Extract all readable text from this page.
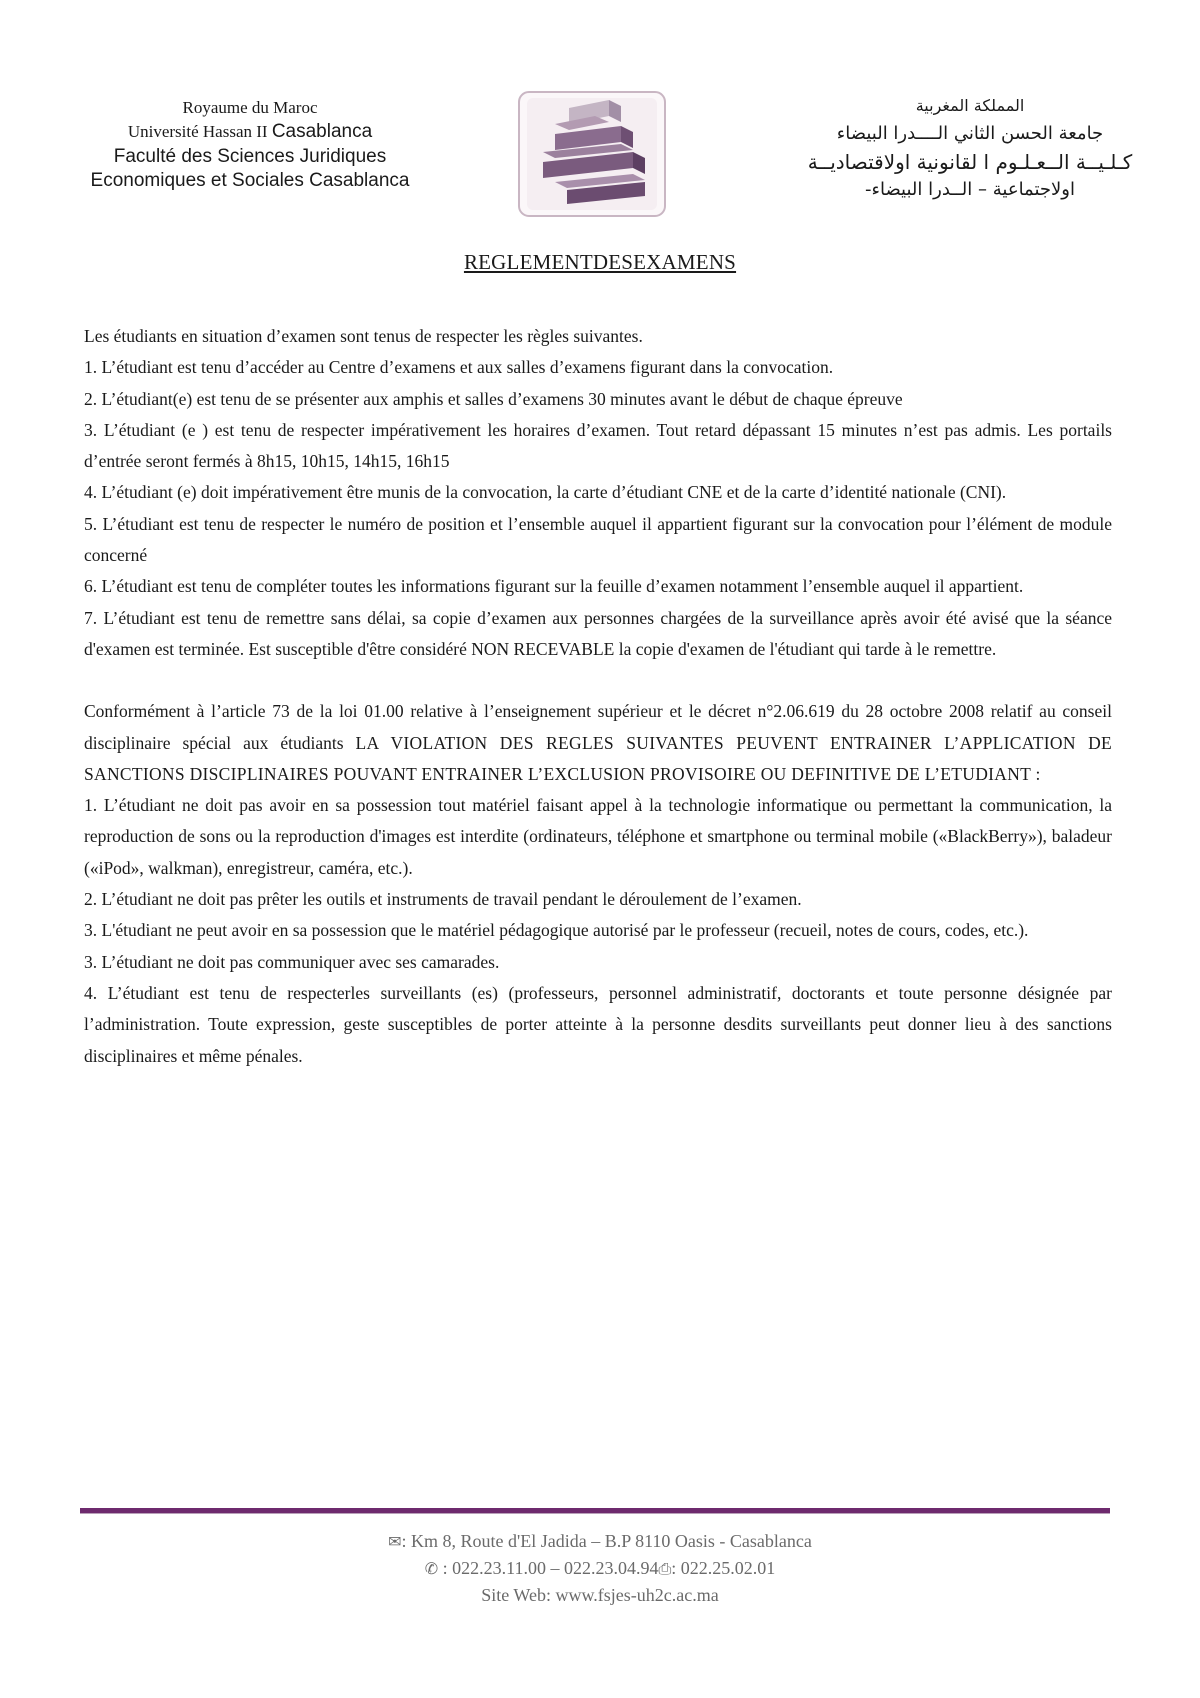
Royaume du Maroc
Université Hassan II Casablanca
Faculté des Sciences Juridiques
Economiques et Sociales Casablanca
المملكة المغربية
جامعة الحسن الثاني الــــدرا البيضاء
كـلـيــة الــعـلـوم ا لقانونية اولاقتصاديــة
اولاجتماعية – الــدرا البيضاء-
REGLEMENTDESEXAMENS

Les étudiants en situation d’examen sont tenus de respecter les règles suivantes.

1. L’étudiant est tenu d’accéder au Centre d’examens et aux salles d’examens figurant dans la convocation.

2. L’étudiant(e) est tenu de se présenter aux amphis et salles d’examens 30 minutes avant le début de chaque épreuve

3. L’étudiant (e ) est tenu de respecter impérativement les horaires d’examen. Tout retard dépassant 15 minutes n’est pas admis. Les portails d’entrée seront fermés à 8h15, 10h15, 14h15, 16h15

4. L’étudiant (e) doit impérativement être munis de la convocation, la carte d’étudiant CNE et de la carte d’identité nationale (CNI).

5. L’étudiant est tenu de respecter le numéro de position et l’ensemble auquel il appartient figurant sur la convocation pour l’élément de module concerné

6. L’étudiant est tenu de compléter toutes les informations figurant sur la feuille d’examen notamment l’ensemble auquel il appartient.

7. L’étudiant est tenu de remettre sans délai, sa copie d’examen aux personnes chargées de la surveillance après avoir été avisé que la séance d'examen est terminée. Est susceptible d'être considéré NON RECEVABLE la copie d'examen de l'étudiant qui tarde à le remettre.

Conformément à l’article 73 de la loi 01.00 relative à l’enseignement supérieur et le décret n°2.06.619 du 28 octobre 2008 relatif au conseil disciplinaire spécial aux étudiants LA VIOLATION DES REGLES SUIVANTES PEUVENT ENTRAINER L’APPLICATION DE SANCTIONS DISCIPLINAIRES POUVANT ENTRAINER L’EXCLUSION PROVISOIRE OU DEFINITIVE DE L’ETUDIANT :

1. L’étudiant ne doit pas avoir en sa possession tout matériel faisant appel à la technologie informatique ou permettant la communication, la reproduction de sons ou la reproduction d'images est interdite (ordinateurs, téléphone et smartphone ou terminal mobile («BlackBerry»), baladeur («iPod», walkman), enregistreur, caméra, etc.).

2. L’étudiant ne doit pas prêter les outils et instruments de travail pendant le déroulement de l’examen.

3. L'étudiant ne peut avoir en sa possession que le matériel pédagogique autorisé par le professeur (recueil, notes de cours, codes, etc.).

3. L’étudiant ne doit pas communiquer avec ses camarades.

4. L’étudiant est tenu de respecterles surveillants (es) (professeurs, personnel administratif, doctorants et toute personne désignée par l’administration. Toute expression, geste susceptibles de porter atteinte à la personne desdits surveillants peut donner lieu à des sanctions disciplinaires et même pénales.

✉: Km 8, Route d'El Jadida – B.P 8110 Oasis - Casablanca
✆ : 022.23.11.00 – 022.23.04.94⎙: 022.25.02.01
Site Web: www.fsjes-uh2c.ac.ma
